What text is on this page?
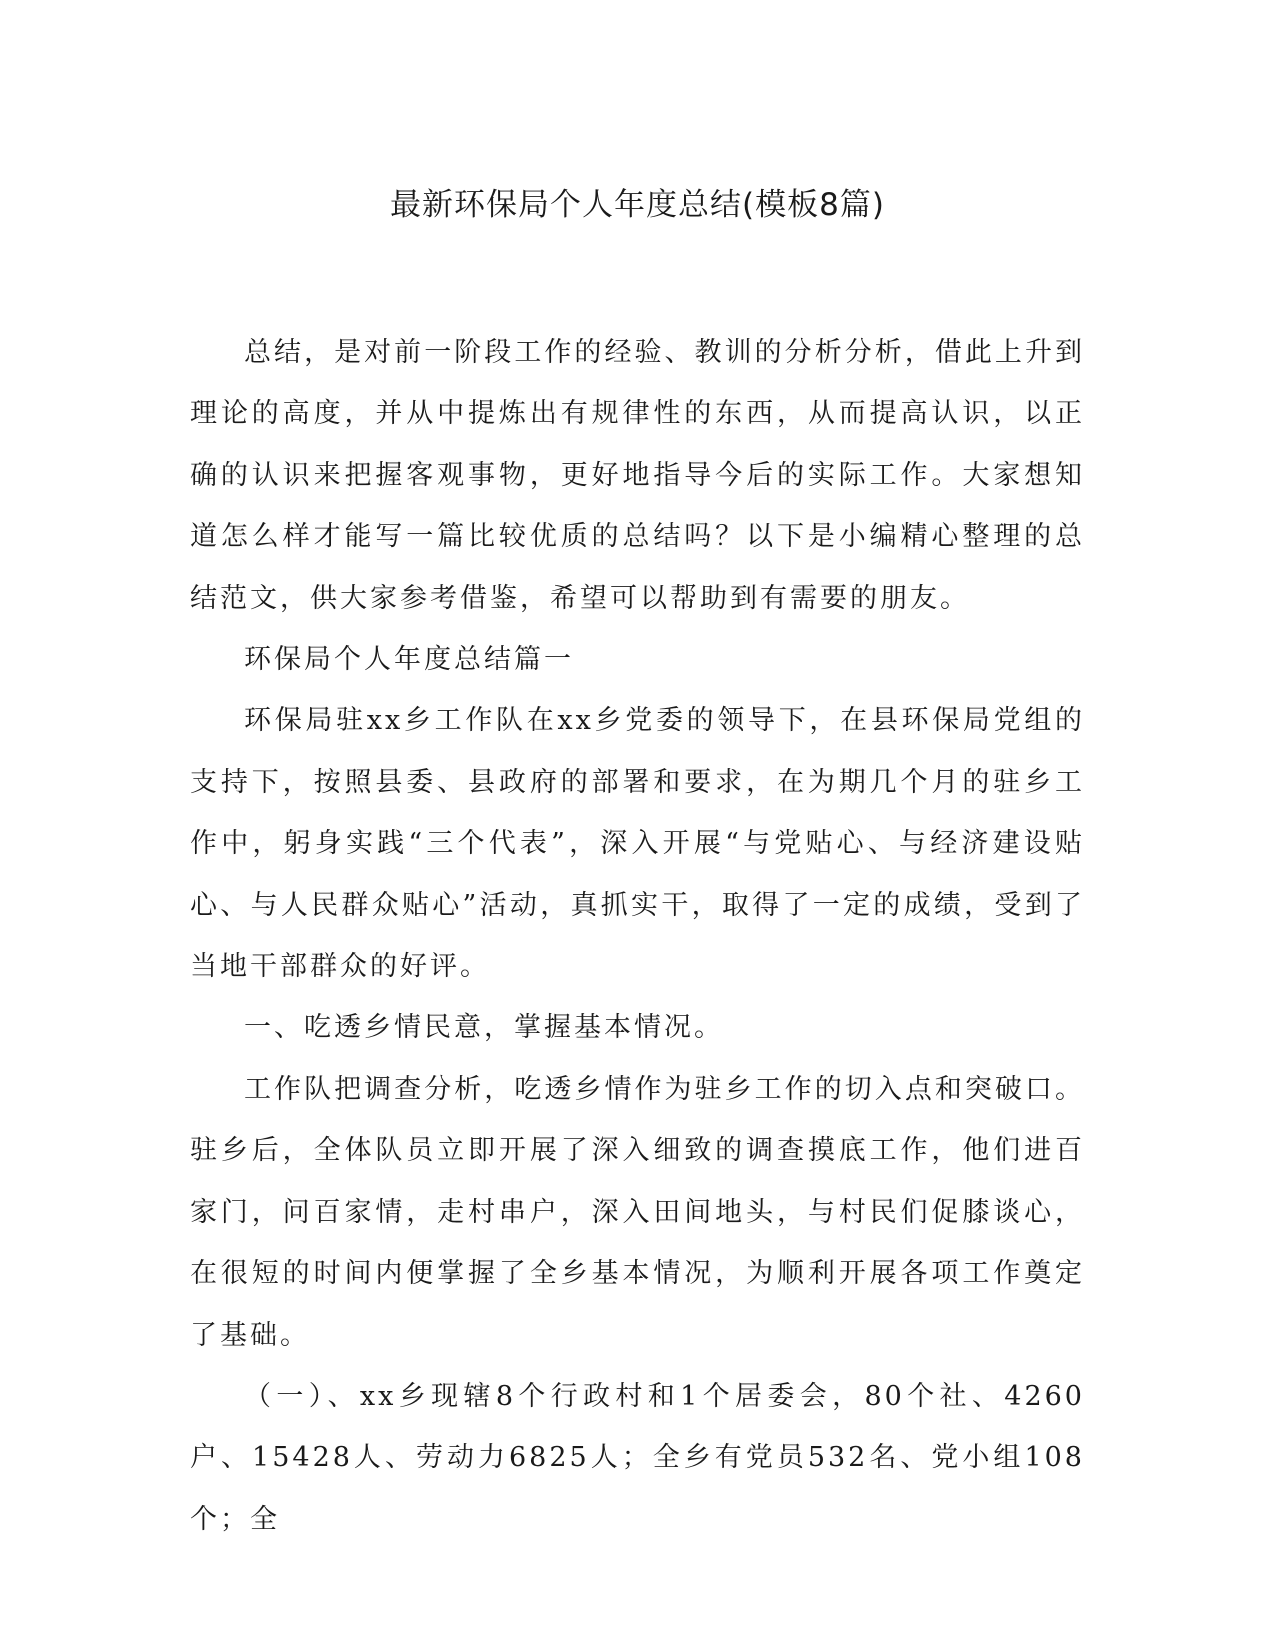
最新环保局个人年度总结(模板8篇)

总结，是对前一阶段工作的经验、教训的分析分析，借此上升到理论的高度，并从中提炼出有规律性的东西，从而提高认识，以正确的认识来把握客观事物，更好地指导今后的实际工作。大家想知道怎么样才能写一篇比较优质的总结吗？以下是小编精心整理的总结范文，供大家参考借鉴，希望可以帮助到有需要的朋友。

环保局个人年度总结篇一

环保局驻xx乡工作队在xx乡党委的领导下，在县环保局党组的支持下，按照县委、县政府的部署和要求，在为期几个月的驻乡工作中，躬身实践“三个代表”，深入开展“与党贴心、与经济建设贴心、与人民群众贴心”活动，真抓实干，取得了一定的成绩，受到了当地干部群众的好评。

一、吃透乡情民意，掌握基本情况。

工作队把调查分析，吃透乡情作为驻乡工作的切入点和突破口。驻乡后，全体队员立即开展了深入细致的调查摸底工作，他们进百家门，问百家情，走村串户，深入田间地头，与村民们促膝谈心，在很短的时间内便掌握了全乡基本情况，为顺利开展各项工作奠定了基础。

（一）、xx乡现辖8个行政村和1个居委会，80个社、4260户、15428人、劳动力6825人；全乡有党员532名、党小组108个；全
